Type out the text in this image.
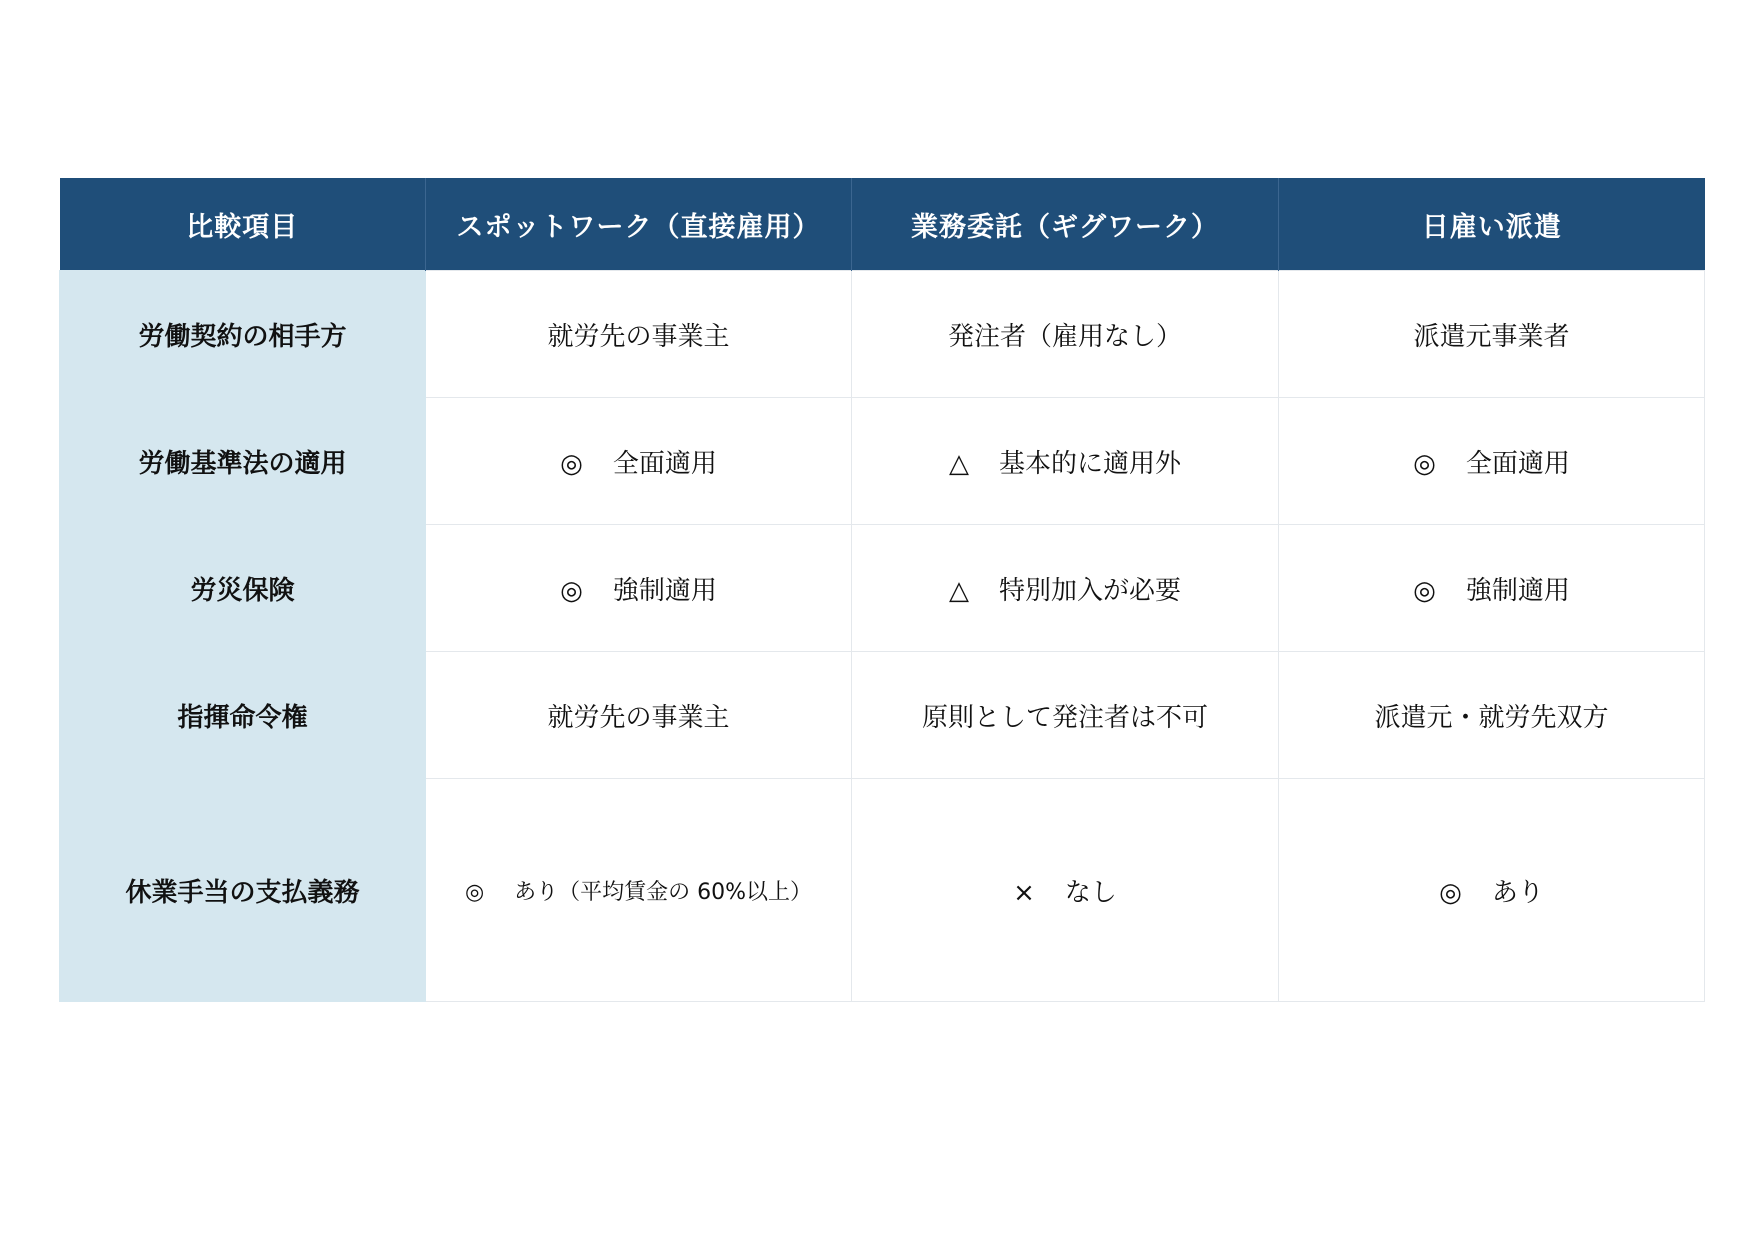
比較項目	スポットワーク（直接雇用）	業務委託（ギグワーク）	日雇い派遣
労働契約の相手方	就労先の事業主	発注者（雇用なし）	派遣元事業者
労働基準法の適用	◎ 全面適用	△ 基本的に適用外	◎ 全面適用
労災保険	◎ 強制適用	△ 特別加入が必要	◎ 強制適用
指揮命令権	就労先の事業主	原則として発注者は不可	派遣元・就労先双方
休業手当の支払義務	◎ あり（平均賃金の 60%以上）	× なし	◎ あり
